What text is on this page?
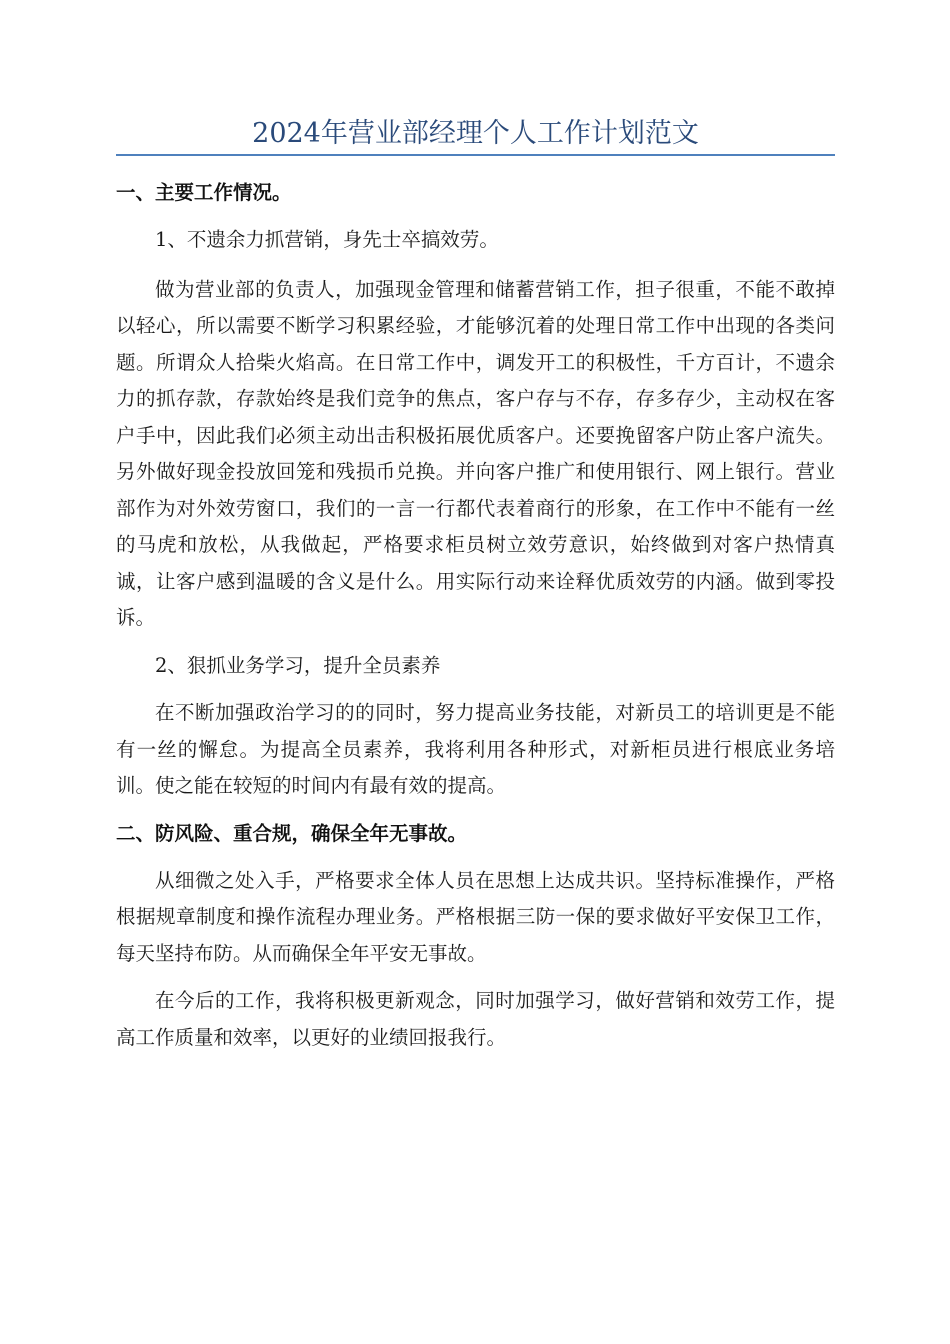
2024年营业部经理个人工作计划范文

一、主要工作情况。

1、不遗余力抓营销，身先士卒搞效劳。

做为营业部的负责人，加强现金管理和储蓄营销工作，担子很重，不能不敢掉以轻心，所以需要不断学习积累经验，才能够沉着的处理日常工作中出现的各类问题。所谓众人拾柴火焰高。在日常工作中，调发开工的积极性，千方百计，不遗余力的抓存款，存款始终是我们竞争的焦点，客户存与不存，存多存少，主动权在客户手中，因此我们必须主动出击积极拓展优质客户。还要挽留客户防止客户流失。另外做好现金投放回笼和残损币兑换。并向客户推广和使用银行、网上银行。营业部作为对外效劳窗口，我们的一言一行都代表着商行的形象，在工作中不能有一丝的马虎和放松，从我做起，严格要求柜员树立效劳意识，始终做到对客户热情真诚，让客户感到温暖的含义是什么。用实际行动来诠释优质效劳的内涵。做到零投诉。

2、狠抓业务学习，提升全员素养

在不断加强政治学习的的同时，努力提高业务技能，对新员工的培训更是不能有一丝的懈怠。为提高全员素养，我将利用各种形式，对新柜员进行根底业务培训。使之能在较短的时间内有最有效的提高。

二、防风险、重合规，确保全年无事故。

从细微之处入手，严格要求全体人员在思想上达成共识。坚持标准操作，严格根据规章制度和操作流程办理业务。严格根据三防一保的要求做好平安保卫工作，每天坚持布防。从而确保全年平安无事故。

在今后的工作，我将积极更新观念，同时加强学习，做好营销和效劳工作，提高工作质量和效率，以更好的业绩回报我行。
